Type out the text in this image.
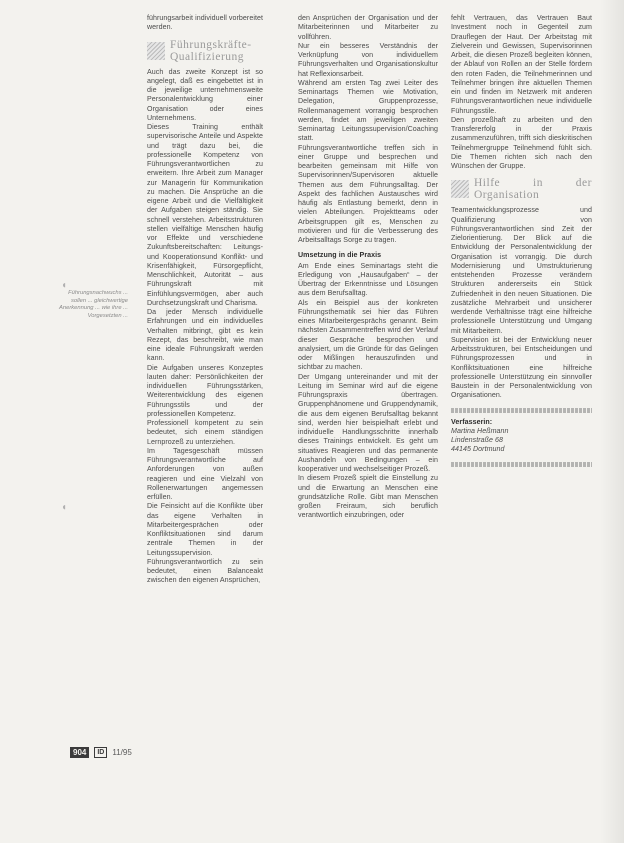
◖
◖
Führungsnachwuchs ... sollen ... gleichwertige Anerkennung ... wie ihre ... Vorgesetzten ...

führungsarbeit individuell vorbereitet werden.

Führungskräfte-Qualifizierung

Auch das zweite Konzept ist so angelegt, daß es eingebettet ist in die jeweilige unternehmensweite Personalentwicklung einer Organisation oder eines Unternehmens.

Dieses Training enthält supervisorische Anteile und Aspekte und trägt dazu bei, die professionelle Kompetenz von Führungsverantwortlichen zu erweitern. Ihre Arbeit zum Manager zur Managerin für Kommunikation zu machen. Die Ansprüche an die eigene Arbeit und die Vielfältigkeit der Aufgaben steigen ständig. Sie schnell verstehen. Arbeitsstrukturen stellen vielfältige Menschen häufig vor Effekte und verschiedene Zukunftsbereitschaften: Leitungs- und Kooperationsund Konflikt- und Krisenfähigkeit, Fürsorgepflicht, Menschlichkeit, Autorität – aus Führungskraft mit Einfühlungsvermögen, aber auch Durchsetzungskraft und Charisma.

Da jeder Mensch individuelle Erfahrungen und ein individuelles Verhalten mitbringt, gibt es kein Rezept, das beschreibt, wie man eine ideale Führungskraft werden kann.

Die Aufgaben unseres Konzeptes lauten daher: Persönlichkeiten der individuellen Führungsstärken, Weiterentwicklung des eigenen Führungsstils und der professionellen Kompetenz.

Professionell kompetent zu sein bedeutet, sich einem ständigen Lernprozeß zu unterziehen.

Im Tagesgeschäft müssen Führungsverantwortliche auf Anforderungen von außen reagieren und eine Vielzahl von Rollenerwartungen angemessen erfüllen.

Die Feinsicht auf die Konflikte über das eigene Verhalten in Mitarbeitergesprächen oder Konfliktsituationen sind darum zentrale Themen in der Leitungssupervision. Führungsverantwortlich zu sein bedeutet, einen Balanceakt zwischen den eigenen Ansprüchen,

den Ansprüchen der Organisation und der Mitarbeiterinnen und Mitarbeiter zu vollführen.

Nur ein besseres Verständnis der Verknüpfung von individuellem Führungsverhalten und Organisationskultur hat Reflexionsarbeit.

Während am ersten Tag zwei Leiter des Seminartags Themen wie Motivation, Delegation, Gruppenprozesse, Rollenmanagement vorrangig besprochen werden, findet am jeweiligen zweiten Seminartag Leitungssupervision/Coaching statt.

Führungsverantwortliche treffen sich in einer Gruppe und besprechen und bearbeiten gemeinsam mit Hilfe von Supervisorinnen/Supervisoren aktuelle Themen aus dem Führungsalltag. Der Aspekt des fachlichen Austausches wird häufig als Entlastung bemerkt, denn in vielen Abteilungen. Projektteams oder Arbeitsgruppen gilt es, Menschen zu motivieren und für die Verbesserung des Arbeitsalltags Sorge zu tragen.

Umsetzung in die Praxis

Am Ende eines Seminartags steht die Erledigung von „Hausaufgaben“ – der Übertrag der Erkenntnisse und Lösungen aus dem Berufsalltag.

Als ein Beispiel aus der konkreten Führungsthematik sei hier das Führen eines Mitarbeitergesprächs genannt. Beim nächsten Zusammentreffen wird der Verlauf dieser Gespräche besprochen und analysiert, um die Gründe für das Gelingen oder Mißlingen herauszufinden und sichtbar zu machen.

Der Umgang untereinander und mit der Leitung im Seminar wird auf die eigene Führungspraxis übertragen. Gruppenphänomene und Gruppendynamik, die aus dem eigenen Berufsalltag bekannt sind, werden hier beispielhaft erlebt und individuelle Handlungsschritte innerhalb dieses Trainings entwickelt. Es geht um situatives Reagieren und das permanente Aushandeln von Bedingungen – ein kooperativer und wechselseitiger Prozeß.

In diesem Prozeß spielt die Einstellung zu und die Erwartung an Menschen eine grundsätzliche Rolle. Gibt man Menschen großen Freiraum, sich beruflich verantwortlich einzubringen, oder

fehlt Vertrauen, das Vertrauen Baut Investment noch in Gegenteil zum Drauflegen der Haut. Der Arbeitstag mit Zielverein und Gewissen, Supervisorinnen Arbeit, die diesen Prozeß begleiten können, der Ablauf von Rollen an der Stelle fördern den roten Faden, die Teilnehmerinnen und Teilnehmer bringen ihre aktuellen Themen ein und finden im Netzwerk mit anderen Führungsverantwortlichen neue individuelle Führungsstile.

Den prozeßhaft zu arbeiten und den Transfererfolg in der Praxis zusammenzuführen, trifft sich dieskritischen Teilnehmergruppe Teilnehmend fühlt sich. Die Themen richten sich nach den Wünschen der Gruppe.

Hilfe in der Organisation

Teamentwicklungsprozesse und Qualifizierung von Führungsverantwortlichen sind Zeit der Zielorientierung. Der Blick auf die Entwicklung der Personalentwicklung der Organisation ist vorrangig. Die durch Modernisierung und Umstrukturierung entstehenden Prozesse verändern Strukturen andererseits ein Stück Zufriedenheit in den neuen Situationen. Die zusätzliche Mehrarbeit und unsicherer werdende Verhältnisse trägt eine hilfreiche professionelle Unterstützung und Umgang mit Mitarbeitern.

Supervision ist bei der Entwicklung neuer Arbeitsstrukturen, bei Entscheidungen und Führungsprozessen und in Konfliktsituationen eine hilfreiche professionelle Unterstützung ein sinnvoller Baustein in der Personalentwicklung von Organisationen.

Verfasserin:

Martina Heßmann

Lindenstraße 68

44145 Dortmund

904	ID	11/95
